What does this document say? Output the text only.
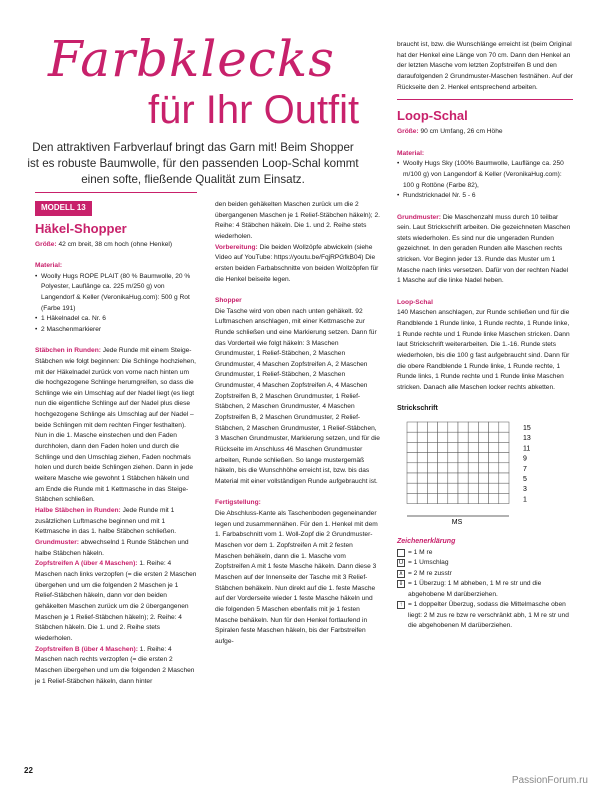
Farbklecks
für Ihr Outfit
Den attraktiven Farbverlauf bringt das Garn mit! Beim Shopper ist es robuste Baumwolle, für den passenden Loop-Schal kommt einen softe, fließende Qualität zum Einsatz.
MODELL 13
Häkel-Shopper

Größe: 42 cm breit, 38 cm hoch (ohne Henkel)

Material:

• Woolly Hugs ROPE PLAIT (80 % Baumwolle, 20 % Polyester, Lauflänge ca. 225 m/250 g) von Langendorf & Keller (VeronikaHug.com): 500 g Rot (Farbe 191)
• 1 Häkelnadel ca. Nr. 6
• 2 Maschenmarkierer

Stäbchen in Runden: Jede Runde mit einem Steige-Stäbchen wie folgt beginnen: Die Schlinge hochziehen, mit der Häkelnadel zurück von vorne nach hinten um die hochgezogene Schlinge herumgreifen, so dass die Schlinge wie ein Umschlag auf der Nadel liegt (es liegt nun die eigentliche Schlinge auf der Nadel plus diese hochgezogene Schlinge als Umschlag auf der Nadel – beide Schlingen mit dem rechten Finger festhalten). Nun in die 1. Masche einstechen und den Faden durchholen, dann den Faden holen und durch die Schlinge und den Umschlag ziehen, Faden nochmals holen und durch beide Schlingen ziehen. Dann in jede weitere Masche wie gewohnt 1 Stäbchen häkeln und am Ende die Runde mit 1 Kettmasche in das Steige-Stäbchen schließen.

Halbe Stäbchen in Runden: Jede Runde mit 1 zusätzlichen Luftmasche beginnen und mit 1 Kettmasche in das 1. halbe Stäbchen schließen.

Grundmuster: abwechselnd 1 Runde Stäbchen und halbe Stäbchen häkeln.

Zopfstreifen A (über 4 Maschen): 1. Reihe: 4 Maschen nach links verzopfen (= die ersten 2 Maschen übergehen und um die folgenden 2 Maschen je 1 Relief-Stäbchen häkeln, dann vor den beiden gehäkelten Maschen zurück um die 2 übergangenen Maschen je 1 Relief-Stäbchen häkeln); 2. Reihe: 4 Stäbchen häkeln. Die 1. und 2. Reihe stets wiederholen.

Zopfstreifen B (über 4 Maschen): 1. Reihe: 4 Maschen nach rechts verzopfen (= die ersten 2 Maschen übergehen und um die folgenden 2 Maschen je 1 Relief-Stäbchen häkeln, dann hinter

den beiden gehäkelten Maschen zurück um die 2 übergangenen Maschen je 1 Relief-Stäbchen häkeln); 2. Reihe: 4 Stäbchen häkeln. Die 1. und 2. Reihe stets wiederholen.

Vorbereitung: Die beiden Wollzöpfe abwickeln (siehe Video auf YouTube: https://youtu.be/FqjRPGfkB04) Die ersten beiden Farbabschnitte von beiden Wollzöpfen für die Henkel beiseite legen.

Shopper

Die Tasche wird von oben nach unten gehäkelt. 92 Luftmaschen anschlagen, mit einer Kettmasche zur Runde schließen und eine Markierung setzen. Dann für das Vorderteil wie folgt häkeln: 3 Maschen Grundmuster, 1 Relief-Stäbchen, 2 Maschen Grundmuster, 4 Maschen Zopfstreifen A, 2 Maschen Grundmuster, 1 Relief-Stäbchen, 2 Maschen Grundmuster, 4 Maschen Zopfstreifen A, 4 Maschen Zopfstreifen B, 2 Maschen Grundmuster, 1 Relief-Stäbchen, 2 Maschen Grundmuster, 4 Maschen Zopfstreifen B, 2 Maschen Grundmuster, 2 Relief-Stäbchen, 2 Maschen Grundmuster, 1 Relief-Stäbchen, 3 Maschen Grundmuster, Markierung setzen, und für die Rückseite im Anschluss 46 Maschen Grundmuster arbeiten, Runde schließen. So lange mustergemäß häkeln, bis die Wunschhöhe erreicht ist, bzw. bis das Material mit einer vollständigen Runde aufgebraucht ist.

Fertigstellung:

Die Abschluss-Kante als Taschenboden gegeneinander legen und zusammennähen. Für den 1. Henkel mit dem 1. Farbabschnitt vom 1. Woll-Zopf die 2 Grundmuster-Maschen vor dem 1. Zopfstreifen A mit 2 festen Maschen behäkeln, dann die 1. Masche vom Zopfstreifen A mit 1 feste Masche häkeln. Dann diese 3 Maschen auf der Innenseite der Tasche mit 3 Relief-Stäbchen behäkeln. Nun direkt auf die 1. feste Masche auf der Vorderseite wieder 1 feste Masche häkeln und die folgenden 5 Maschen ebenfalls mit je 1 festen Masche behäkeln. Nun für den Henkel fortlaufend in Spiralen feste Maschen häkeln, bis der Farbstreifen aufge-

braucht ist, bzw. die Wunschlänge erreicht ist (beim Original hat der Henkel eine Länge von 70 cm. Dann den Henkel an der letzten Masche vom letzten Zopfstreifen B und den daraufolgenden 2 Grundmuster-Maschen festnähen. Auf der Rückseite den 2. Henkel entsprechend arbeiten.

Loop-Schal

Größe: 90 cm Umfang, 26 cm Höhe

Material:

• Woolly Hugs Sky (100% Baumwolle, Lauflänge ca. 250 m/100 g) von Langendorf & Keller (VeronikaHug.com): 100 g Rottöne (Farbe 82),
• Rundstricknadel Nr. 5 - 6

Grundmuster: Die Maschenzahl muss durch 10 teilbar sein. Laut Strickschrift arbeiten. Die gezeichneten Maschen stets wiederholen. Es sind nur die ungeraden Runden gezeichnet. In den geraden Runden alle Maschen rechts stricken. Vor Beginn jeder 13. Runde das Muster um 1 Masche nach links versetzen. Dafür von der rechten Nadel 1 Masche auf die linke Nadel heben.

Loop-Schal

140 Maschen anschlagen, zur Runde schließen und für die Randblende 1 Runde linke, 1 Runde rechte, 1 Runde linke, 1 Runde rechte und 1 Runde linke Maschen stricken. Dann laut Strickschrift weiterarbeiten. Die 1.-16. Runde stets wiederholen, bis die 100 g fast aufgebraucht sind. Dann für die obere Randblende 1 Runde linke, 1 Runde rechte, 1 Runde links, 1 Runde rechte und 1 Runde linke Maschen stricken. Danach alle Maschen locker rechts abketten.

Strickschrift
15
13
11
9
7
5
3
1
MS
Zeichenerklärung
= 1 M re
U = 1 Umschlag
∧ = 2 M re zusstr
⇓ = 1 Überzug: 1 M abheben, 1 M re str und die abgehobene M darüberziehen.
↑ = 1 doppelter Überzug, sodass die Mittelmasche oben liegt: 2 M zus re bzw re verschränkt abh, 1 M re str und die abgehobenen M darüberziehen.
22
PassionForum.ru
